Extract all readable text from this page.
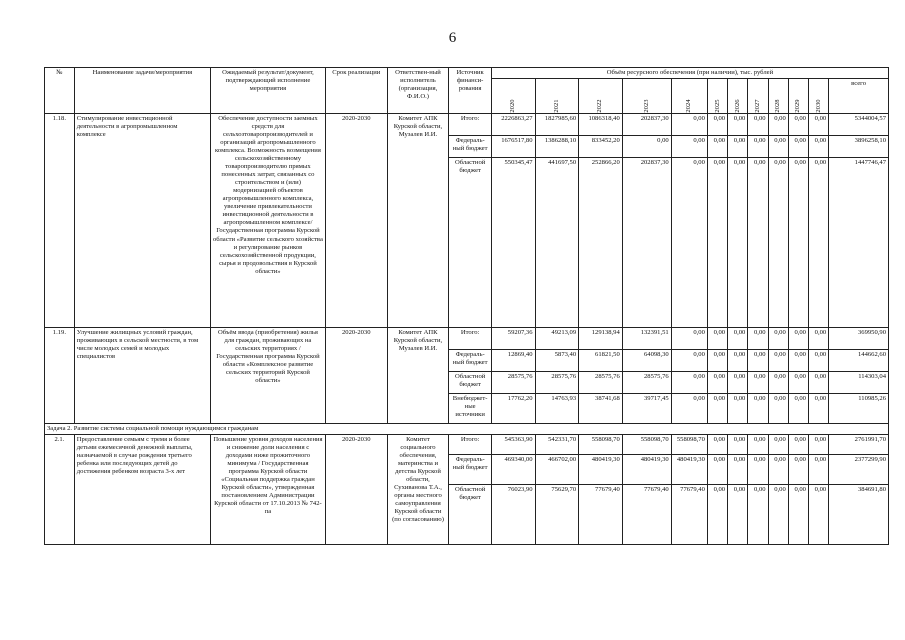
6
№	Наименование задачи/мероприятия	Ожидаемый результат/документ, подтверждающий исполнение мероприятия	Срок реализации	Ответствен-ный исполнитель (организация, Ф.И.О.)	Источник финанси-рования	Объём ресурсного обеспечения (при наличии), тыс. рублей											

						2020	2021	2022	2023	2024	2025	2026	2027	2028	2029	2030	всего
1.18.	Стимулирование инвестиционной деятельности в агропромышленном комплексе	Обеспечение доступности заемных средств для сельхозтоваропроизводителей и организаций агропромышленного комплекса. Возможность возмещения сельскохозяйственному товаропроизводителю прямых понесенных затрат, связанных со строительством и (или) модернизацией объектов агропромышленного комплекса, увеличение привлекательности инвестиционной деятельности в агропромышленном комплексе/Государственная программа Курской области «Развитие сельского хозяйства и регулирование рынков сельскохозяйственной продукции, сырья и продовольствия в Курской области»	2020-2030	Комитет АПК Курской области, Музалев И.И.	Итого:	2226863,27	1827985,60	1086318,40	202837,30	0,00	0,00	0,00	0,00	0,00	0,00	0,00	5344004,57
					Федераль-ный бюджет	1676517,80	1386288,10	833452,20	0,00	0,00	0,00	0,00	0,00	0,00	0,00	0,00	3896258,10
					Областной бюджет	550345,47	441697,50	252866,20	202837,30	0,00	0,00	0,00	0,00	0,00	0,00	0,00	1447746,47
1.19.	Улучшение жилищных условий граждан, проживающих в сельской местности, в том числе молодых семей и молодых специалистов	Объём ввода (приобретения) жилья для граждан, проживающих на сельских территориях / Государственная программа Курской области «Комплексное развитие сельских территорий Курской области»	2020-2030	Комитет АПК Курской области, Музалев И.И.	Итого:	59207,36	49213,09	129138,94	132391,51	0,00	0,00	0,00	0,00	0,00	0,00	0,00	369950,90
					Федераль-ный бюджет	12869,40	5873,40	61821,50	64098,30	0,00	0,00	0,00	0,00	0,00	0,00	0,00	144662,60
					Областной бюджет	28575,76	28575,76	28575,76	28575,76	0,00	0,00	0,00	0,00	0,00	0,00	0,00	114303,04
					Внебюджет-ные источники	17762,20	14763,93	38741,68	39717,45	0,00	0,00	0,00	0,00	0,00	0,00	0,00	110985,26
Задача 2. Развитие системы социальной помощи нуждающимся гражданам																	
2.1.	Предоставление семьям с тремя и более детьми ежемесячной денежной выплаты, назначаемой в случае рождения третьего ребенка или последующих детей до достижения ребенком возраста 3-х лет	Повышение уровня доходов населения и снижение доли населения с доходами ниже прожиточного минимума / Государственная программа Курской области «Социальная поддержка граждан Курской области», утвержденная постановлением Администрации Курской области от 17.10.2013 № 742-па	2020-2030	Комитет социального обеспечения, материнства и детства Курской области, Сухиванова Т.А., органы местного самоуправления Курской области (по согласованию)	Итого:	545363,90	542331,70	558098,70	558098,70	558098,70	0,00	0,00	0,00	0,00	0,00	0,00	2761991,70
					Федераль-ный бюджет	469340,00	466702,00	480419,30	480419,30	480419,30	0,00	0,00	0,00	0,00	0,00	0,00	2377299,90
					Областной бюджет	76023,90	75629,70	77679,40	77679,40	77679,40	0,00	0,00	0,00	0,00	0,00	0,00	384691,80
